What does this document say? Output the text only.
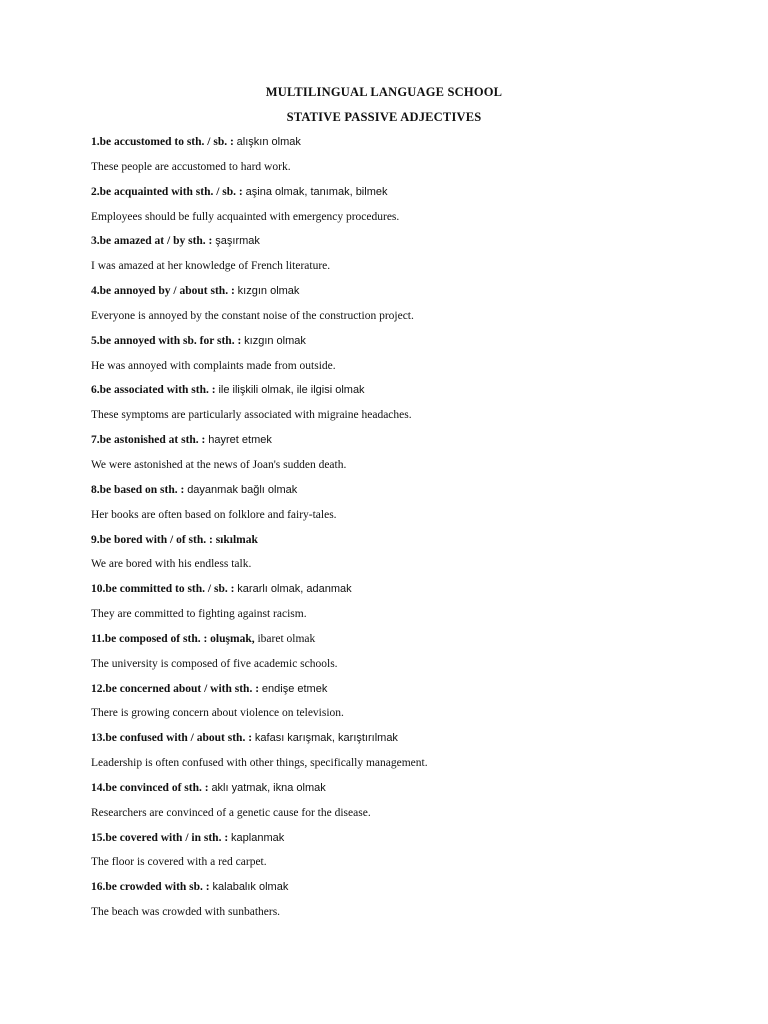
MULTILINGUAL LANGUAGE SCHOOL
STATIVE PASSIVE ADJECTIVES
1.be accustomed to sth. / sb. : alışkın olmak
These people are accustomed to hard work.
2.be acquainted with sth. / sb. : aşina olmak, tanımak, bilmek
Employees should be fully acquainted with emergency procedures.
3.be amazed at / by sth. : şaşırmak
I was amazed at her knowledge of French literature.
4.be annoyed by / about sth. : kızgın olmak
Everyone is annoyed by the constant noise of the construction project.
5.be annoyed with sb. for sth. : kızgın olmak
He was annoyed with complaints made from outside.
6.be associated with sth. : ile ilişkili olmak, ile ilgisi olmak
These symptoms are particularly associated with migraine headaches.
7.be astonished at sth. : hayret etmek
We were astonished at the news of Joan's sudden death.
8.be based on sth. : dayanmak bağlı olmak
Her books are often based on folklore and fairy-tales.
9.be bored with / of sth. : sıkılmak
We are bored with his endless talk.
10.be committed to sth. / sb. : kararlı olmak, adanmak
They are committed to fighting against racism.
11.be composed of sth. : oluşmak, ibaret olmak
The university is composed of five academic schools.
12.be concerned about / with sth. : endişe etmek
There is growing concern about violence on television.
13.be confused with / about sth. : kafası karışmak, karıştırılmak
Leadership is often confused with other things, specifically management.
14.be convinced of sth. : aklı yatmak, ikna olmak
Researchers are convinced of a genetic cause for the disease.
15.be covered with / in sth. : kaplanmak
The floor is covered with a red carpet.
16.be crowded with sb. : kalabalık olmak
The beach was crowded with sunbathers.
